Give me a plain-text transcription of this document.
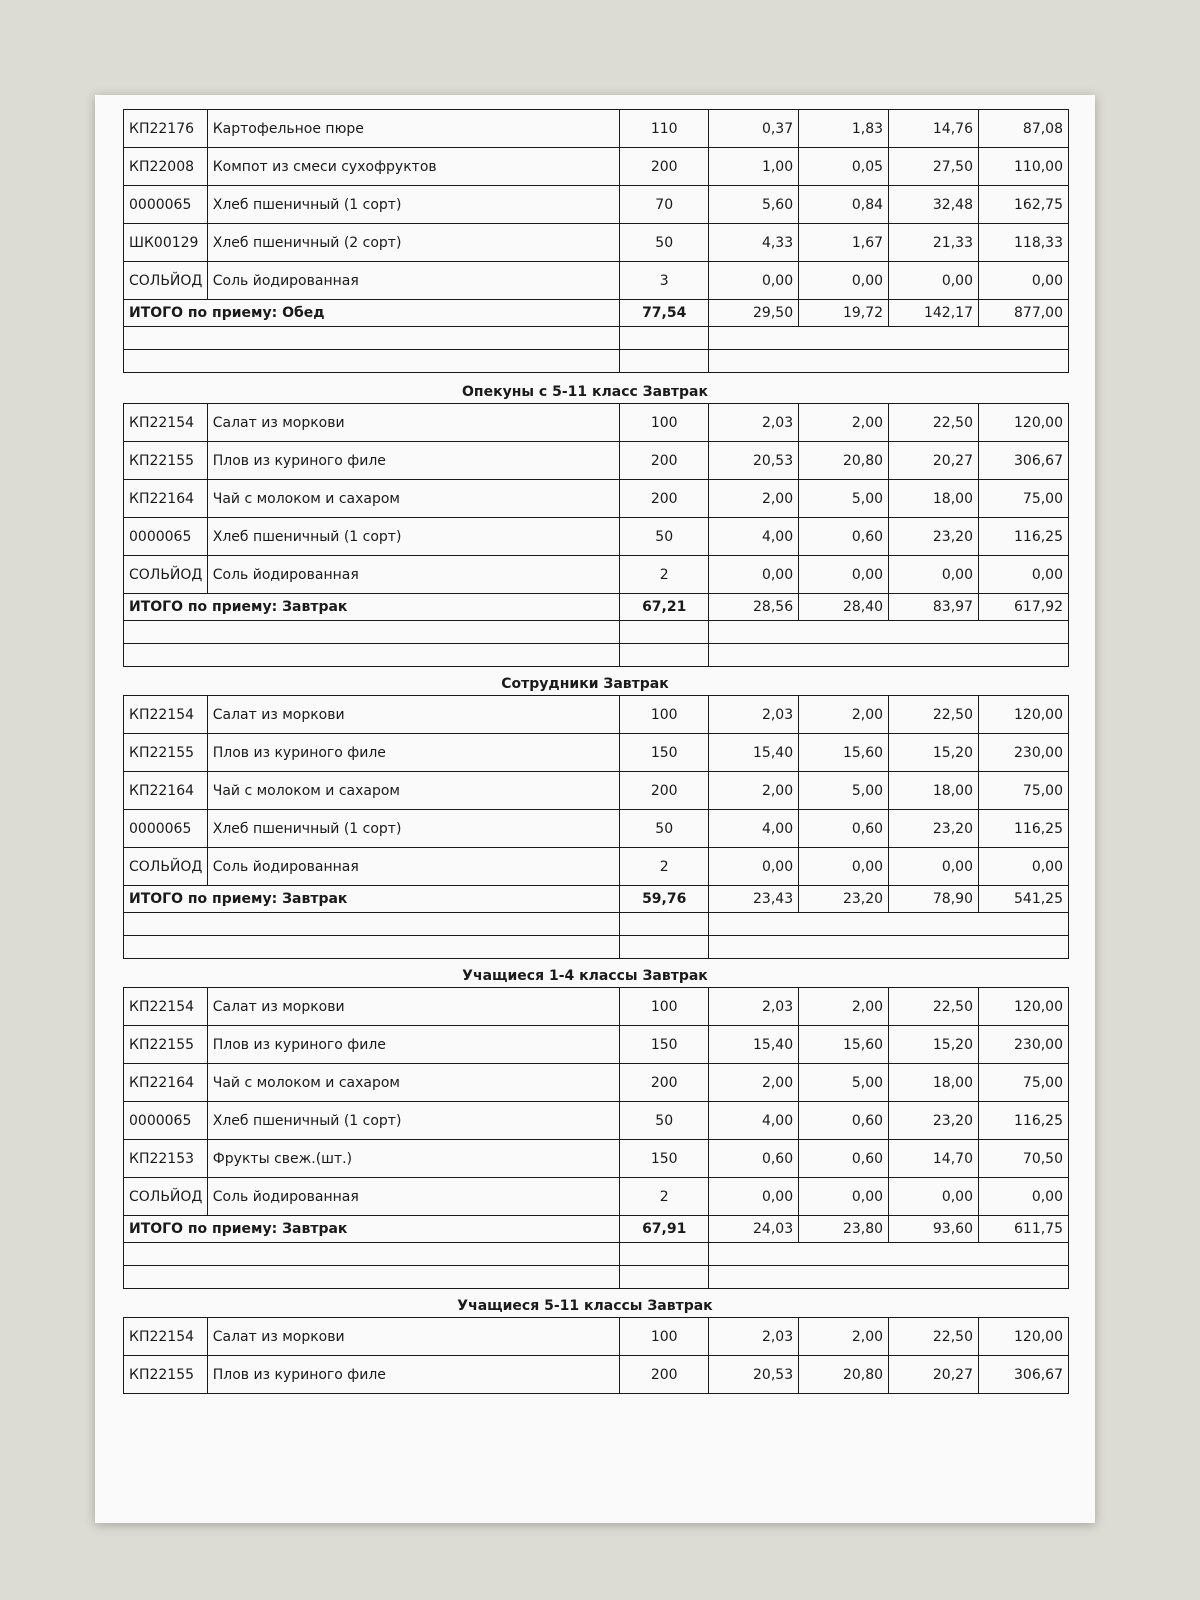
КП22176	Картофельное пюре	110	0,37	1,83	14,76	87,08
КП22008	Компот из смеси сухофруктов	200	1,00	0,05	27,50	110,00
0000065	Хлеб пшеничный (1 сорт)	70	5,60	0,84	32,48	162,75
ШК00129	Хлеб пшеничный (2 сорт)	50	4,33	1,67	21,33	118,33
СОЛЬЙОД	Соль йодированная	3	0,00	0,00	0,00	0,00
ИТОГО по приему: Обед		77,54	29,50	19,72	142,17	877,00

Опекуны с 5-11 класс Завтрак
КП22154	Салат из моркови	100	2,03	2,00	22,50	120,00
КП22155	Плов из куриного филе	200	20,53	20,80	20,27	306,67
КП22164	Чай с молоком и сахаром	200	2,00	5,00	18,00	75,00
0000065	Хлеб пшеничный (1 сорт)	50	4,00	0,60	23,20	116,25
СОЛЬЙОД	Соль йодированная	2	0,00	0,00	0,00	0,00
ИТОГО по приему: Завтрак		67,21	28,56	28,40	83,97	617,92

Сотрудники Завтрак
КП22154	Салат из моркови	100	2,03	2,00	22,50	120,00
КП22155	Плов из куриного филе	150	15,40	15,60	15,20	230,00
КП22164	Чай с молоком и сахаром	200	2,00	5,00	18,00	75,00
0000065	Хлеб пшеничный (1 сорт)	50	4,00	0,60	23,20	116,25
СОЛЬЙОД	Соль йодированная	2	0,00	0,00	0,00	0,00
ИТОГО по приему: Завтрак		59,76	23,43	23,20	78,90	541,25

Учащиеся 1-4 классы Завтрак
КП22154	Салат из моркови	100	2,03	2,00	22,50	120,00
КП22155	Плов из куриного филе	150	15,40	15,60	15,20	230,00
КП22164	Чай с молоком и сахаром	200	2,00	5,00	18,00	75,00
0000065	Хлеб пшеничный (1 сорт)	50	4,00	0,60	23,20	116,25
КП22153	Фрукты свеж.(шт.)	150	0,60	0,60	14,70	70,50
СОЛЬЙОД	Соль йодированная	2	0,00	0,00	0,00	0,00
ИТОГО по приему: Завтрак		67,91	24,03	23,80	93,60	611,75

Учащиеся 5-11 классы Завтрак
КП22154	Салат из моркови	100	2,03	2,00	22,50	120,00
КП22155	Плов из куриного филе	200	20,53	20,80	20,27	306,67
